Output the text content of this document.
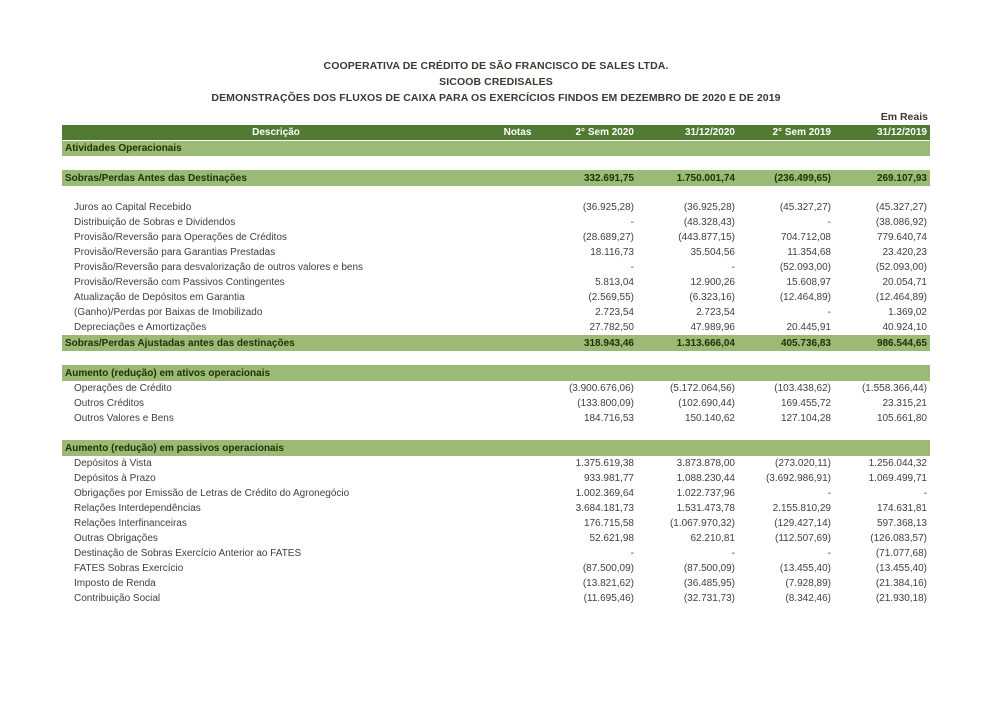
COOPERATIVA DE CRÉDITO DE SÃO FRANCISCO DE SALES LTDA.
SICOOB CREDISALES
DEMONSTRAÇÕES DOS FLUXOS DE CAIXA PARA OS EXERCÍCIOS FINDOS EM DEZEMBRO DE 2020 E DE 2019
Em Reais
Descrição	Notas	2° Sem 2020	31/12/2020	2° Sem 2019	31/12/2019
Atividades Operacionais					

Sobras/Perdas Antes das Destinações		332.691,75	1.750.001,74	(236.499,65)	269.107,93

Juros ao Capital Recebido		(36.925,28)	(36.925,28)	(45.327,27)	(45.327,27)
Distribuição de Sobras e Dividendos		-	(48.328,43)	-	(38.086,92)
Provisão/Reversão para Operações de Créditos		(28.689,27)	(443.877,15)	704.712,08	779.640,74
Provisão/Reversão para Garantias Prestadas		18.116,73	35.504,56	11.354,68	23.420,23
Provisão/Reversão para desvalorização de outros valores e bens		-	-	(52.093,00)	(52.093,00)
Provisão/Reversão com Passivos Contingentes		5.813,04	12.900,26	15.608,97	20.054,71
Atualização de Depósitos em Garantia		(2.569,55)	(6.323,16)	(12.464,89)	(12.464,89)
(Ganho)/Perdas por Baixas de Imobilizado		2.723,54	2.723,54	-	1.369,02
Depreciações e Amortizações		27.782,50	47.989,96	20.445,91	40.924,10
Sobras/Perdas Ajustadas antes das destinações		318.943,46	1.313.666,04	405.736,83	986.544,65

Aumento (redução) em ativos operacionais					
Operações de Crédito		(3.900.676,06)	(5.172.064,56)	(103.438,62)	(1.558.366,44)
Outros Créditos		(133.800,09)	(102.690,44)	169.455,72	23.315,21
Outros Valores e Bens		184.716,53	150.140,62	127.104,28	105.661,80

Aumento (redução) em passivos operacionais					
Depósitos à Vista		1.375.619,38	3.873.878,00	(273.020,11)	1.256.044,32
Depósitos à Prazo		933.981,77	1.088.230,44	(3.692.986,91)	1.069.499,71
Obrigações por Emissão de Letras de Crédito do Agronegócio		1.002.369,64	1.022.737,96	-	-
Relações Interdependências		3.684.181,73	1.531.473,78	2.155.810,29	174.631,81
Relações Interfinanceiras		176.715,58	(1.067.970,32)	(129.427,14)	597.368,13
Outras Obrigações		52.621,98	62.210,81	(112.507,69)	(126.083,57)
Destinação de Sobras Exercício Anterior ao FATES		-	-	-	(71.077,68)
FATES Sobras Exercício		(87.500,09)	(87.500,09)	(13.455,40)	(13.455,40)
Imposto de Renda		(13.821,62)	(36.485,95)	(7.928,89)	(21.384,16)
Contribuição Social		(11.695,46)	(32.731,73)	(8.342,46)	(21.930,18)
